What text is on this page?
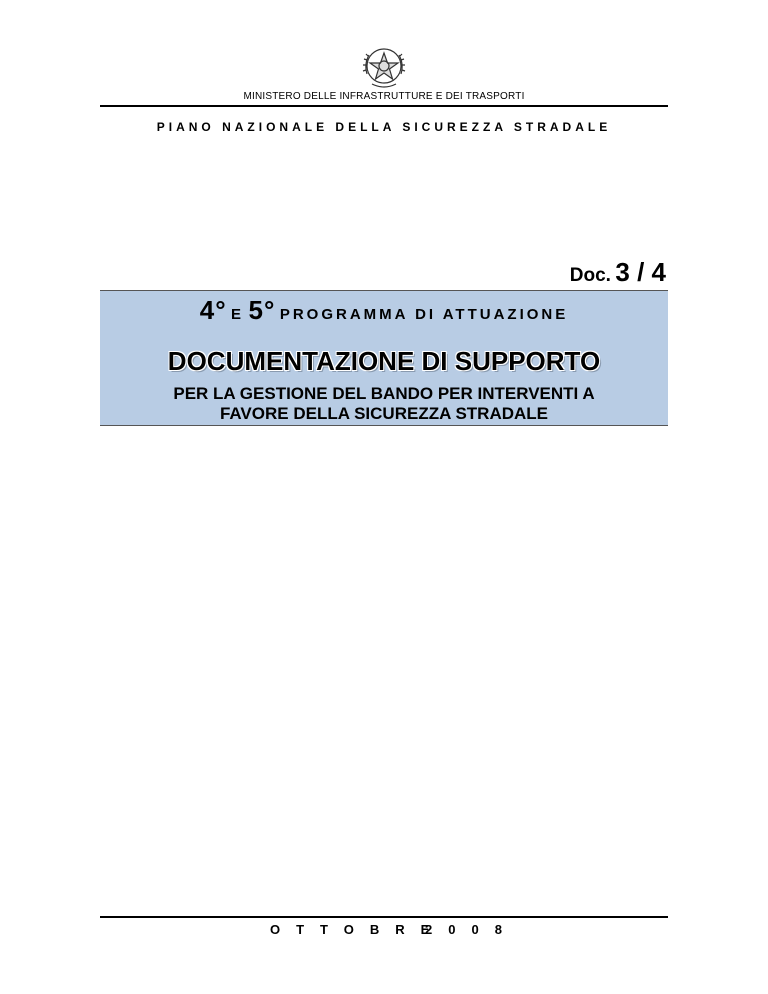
MINISTERO DELLE INFRASTRUTTURE E DEI TRASPORTI
PIANO NAZIONALE DELLA SICUREZZA STRADALE
Doc. 3 / 4
4° E 5° PROGRAMMA DI ATTUAZIONE
DOCUMENTAZIONE DI SUPPORTO
PER LA GESTIONE DEL BANDO PER INTERVENTI A
FAVORE DELLA SICUREZZA STRADALE
OTTOBRE
2008
